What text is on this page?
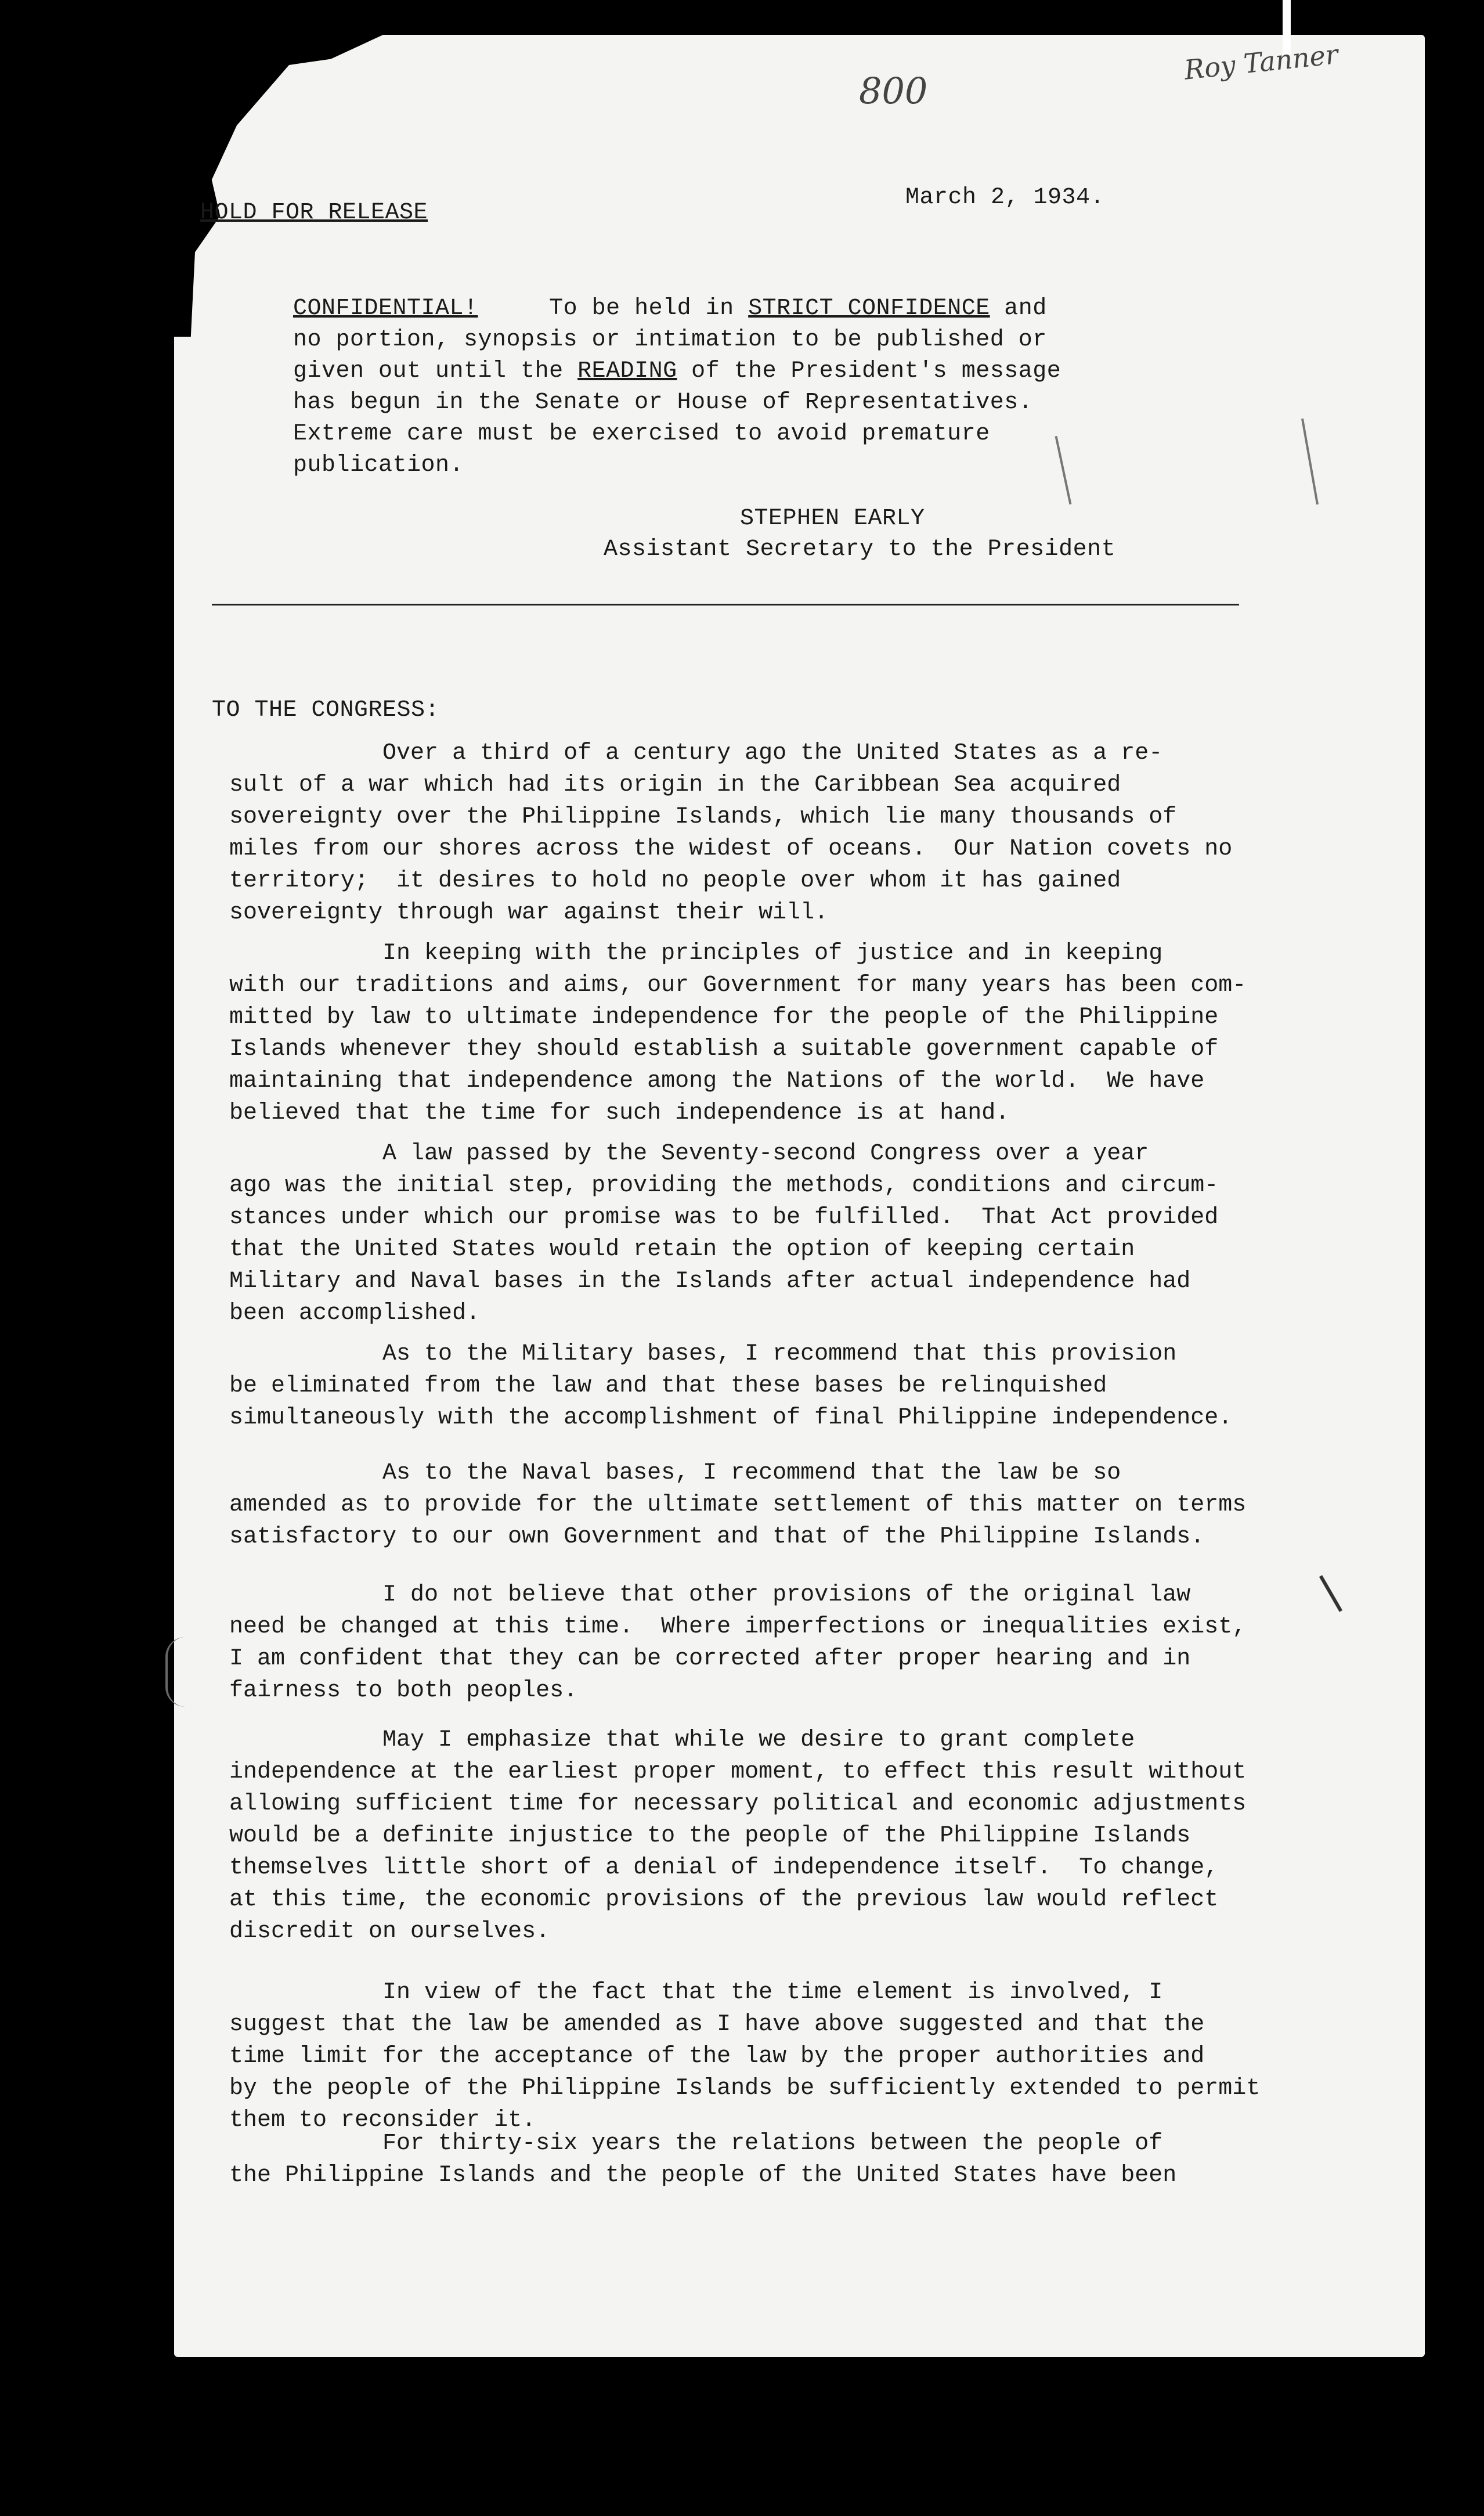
800
Roy Tanner
HOLD FOR RELEASE
March 2, 1934.
CONFIDENTIAL!     To be held in STRICT CONFIDENCE and
no portion, synopsis or intimation to be published or
given out until the READING of the President's message
has begun in the Senate or House of Representatives.
Extreme care must be exercised to avoid premature
publication.
STEPHEN EARLY
Assistant Secretary to the President
TO THE CONGRESS:
Over a third of a century ago the United States as a re-
sult of a war which had its origin in the Caribbean Sea acquired
sovereignty over the Philippine Islands, which lie many thousands of
miles from our shores across the widest of oceans.  Our Nation covets no
territory;  it desires to hold no people over whom it has gained
sovereignty through war against their will.
In keeping with the principles of justice and in keeping
with our traditions and aims, our Government for many years has been com-
mitted by law to ultimate independence for the people of the Philippine
Islands whenever they should establish a suitable government capable of
maintaining that independence among the Nations of the world.  We have
believed that the time for such independence is at hand.
A law passed by the Seventy-second Congress over a year
ago was the initial step, providing the methods, conditions and circum-
stances under which our promise was to be fulfilled.  That Act provided
that the United States would retain the option of keeping certain
Military and Naval bases in the Islands after actual independence had
been accomplished.
As to the Military bases, I recommend that this provision
be eliminated from the law and that these bases be relinquished
simultaneously with the accomplishment of final Philippine independence.
As to the Naval bases, I recommend that the law be so
amended as to provide for the ultimate settlement of this matter on terms
satisfactory to our own Government and that of the Philippine Islands.
I do not believe that other provisions of the original law
need be changed at this time.  Where imperfections or inequalities exist,
I am confident that they can be corrected after proper hearing and in
fairness to both peoples.
May I emphasize that while we desire to grant complete
independence at the earliest proper moment, to effect this result without
allowing sufficient time for necessary political and economic adjustments
would be a definite injustice to the people of the Philippine Islands
themselves little short of a denial of independence itself.  To change,
at this time, the economic provisions of the previous law would reflect
discredit on ourselves.
In view of the fact that the time element is involved, I
suggest that the law be amended as I have above suggested and that the
time limit for the acceptance of the law by the proper authorities and
by the people of the Philippine Islands be sufficiently extended to permit
them to reconsider it.
For thirty-six years the relations between the people of
the Philippine Islands and the people of the United States have been
